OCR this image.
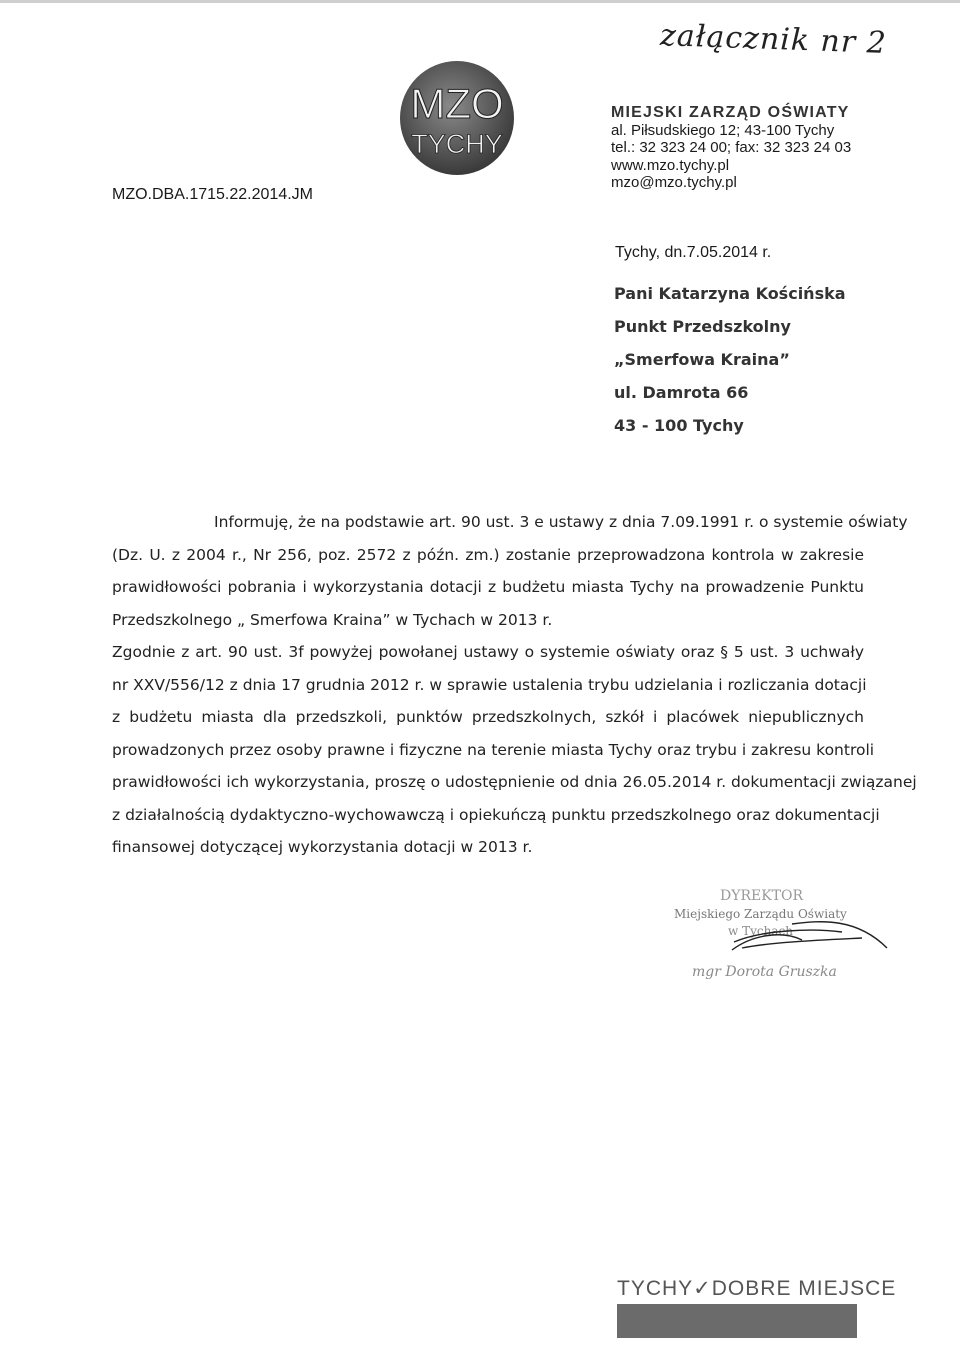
załącznik nr 2
MZO
TYCHY
MZO.DBA.1715.22.2014.JM
MIEJSKI ZARZĄD OŚWIATY
al. Piłsudskiego 12; 43-100 Tychy
tel.: 32 323 24 00; fax: 32 323 24 03
www.mzo.tychy.pl
mzo@mzo.tychy.pl
Tychy, dn.7.05.2014 r.
Pani Katarzyna Kościńska
Punkt Przedszkolny
„Smerfowa Kraina”
ul. Damrota 66
43 - 100 Tychy
Informuję, że na podstawie art. 90 ust. 3 e ustawy z dnia 7.09.1991 r. o systemie oświaty
(Dz. U. z 2004 r., Nr 256, poz. 2572 z późn. zm.) zostanie przeprowadzona kontrola w zakresie
prawidłowości pobrania i wykorzystania dotacji z budżetu miasta Tychy na prowadzenie Punktu
Przedszkolnego „ Smerfowa Kraina” w Tychach w 2013 r.
Zgodnie z art. 90 ust. 3f powyżej powołanej ustawy o systemie oświaty oraz § 5 ust. 3 uchwały
nr XXV/556/12 z dnia 17 grudnia 2012 r. w sprawie ustalenia trybu udzielania i rozliczania dotacji
z budżetu miasta dla przedszkoli, punktów przedszkolnych, szkół i placówek niepublicznych
prowadzonych przez osoby prawne i fizyczne na terenie miasta Tychy oraz trybu i zakresu kontroli
prawidłowości ich wykorzystania, proszę o udostępnienie od dnia 26.05.2014 r. dokumentacji związanej
z działalnością dydaktyczno-wychowawczą i opiekuńczą punktu przedszkolnego oraz dokumentacji
finansowej dotyczącej wykorzystania dotacji w 2013 r.
DYREKTOR
Miejskiego Zarządu Oświaty
w Tychach
mgr Dorota Gruszka
TYCHY✓DOBRE MIEJSCE
